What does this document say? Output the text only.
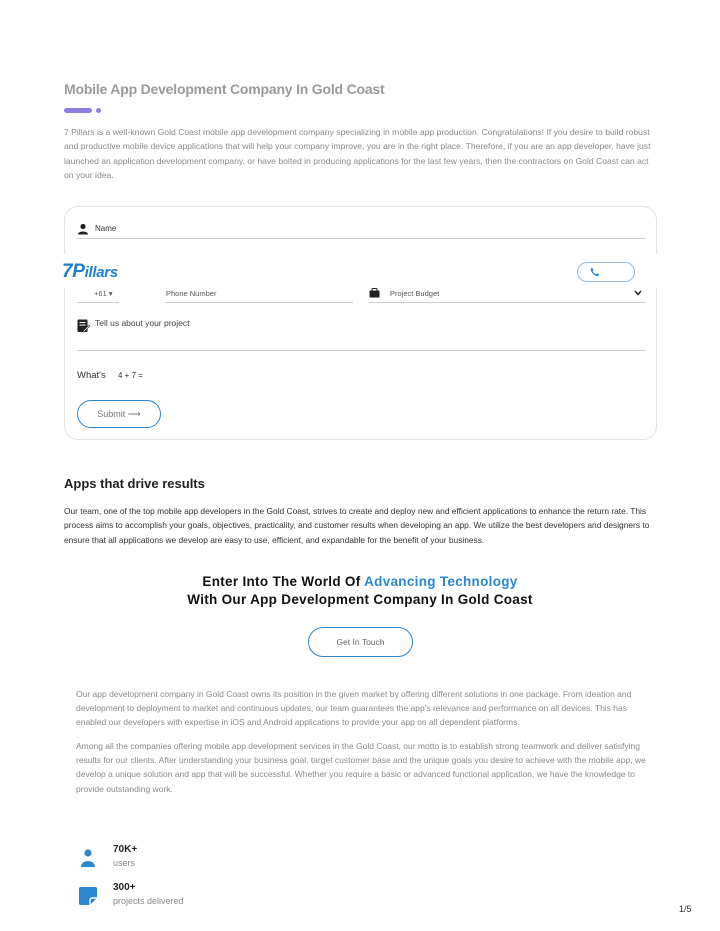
Mobile App Development Company In Gold Coast

7 Pillars is a well-known Gold Coast mobile app development company specializing in mobile app production. Congratulations! If you desire to build robust and productive mobile device applications that will help your company improve, you are in the right place. Therefore, if you are an app developer, have just launched an application development company, or have bolted in producing applications for the last few years, then the contractors on Gold Coast can act on your idea.

Name
+61 ▾	Phone Number	Project Budget
Tell us about your project
7Pillars
What's 4 + 7 =
Submit ⟶
Apps that drive results

Our team, one of the top mobile app developers in the Gold Coast, strives to create and deploy new and efficient applications to enhance the return rate. This process aims to accomplish your goals, objectives, practicality, and customer results when developing an app. We utilize the best developers and designers to ensure that all applications we develop are easy to use, efficient, and expandable for the benefit of your business.

Enter Into The World Of Advancing Technology
With Our App Development Company In Gold Coast
Get In Touch

Our app development company in Gold Coast owns its position in the given market by offering different solutions in one package. From ideation and development to deployment to market and continuous updates, our team guarantees the app's relevance and performance on all devices. This has enabled our developers with expertise in iOS and Android applications to provide your app on all dependent platforms.

Among all the companies offering mobile app development services in the Gold Coast, our motto is to establish strong teamwork and deliver satisfying results for our clients. After understanding your business goal, target customer base and the unique goals you desire to achieve with the mobile app, we develop a unique solution and app that will be successful. Whether you require a basic or advanced functional application, we have the knowledge to provide outstanding work.

70K+
users
300+
projects delivered
1/5
